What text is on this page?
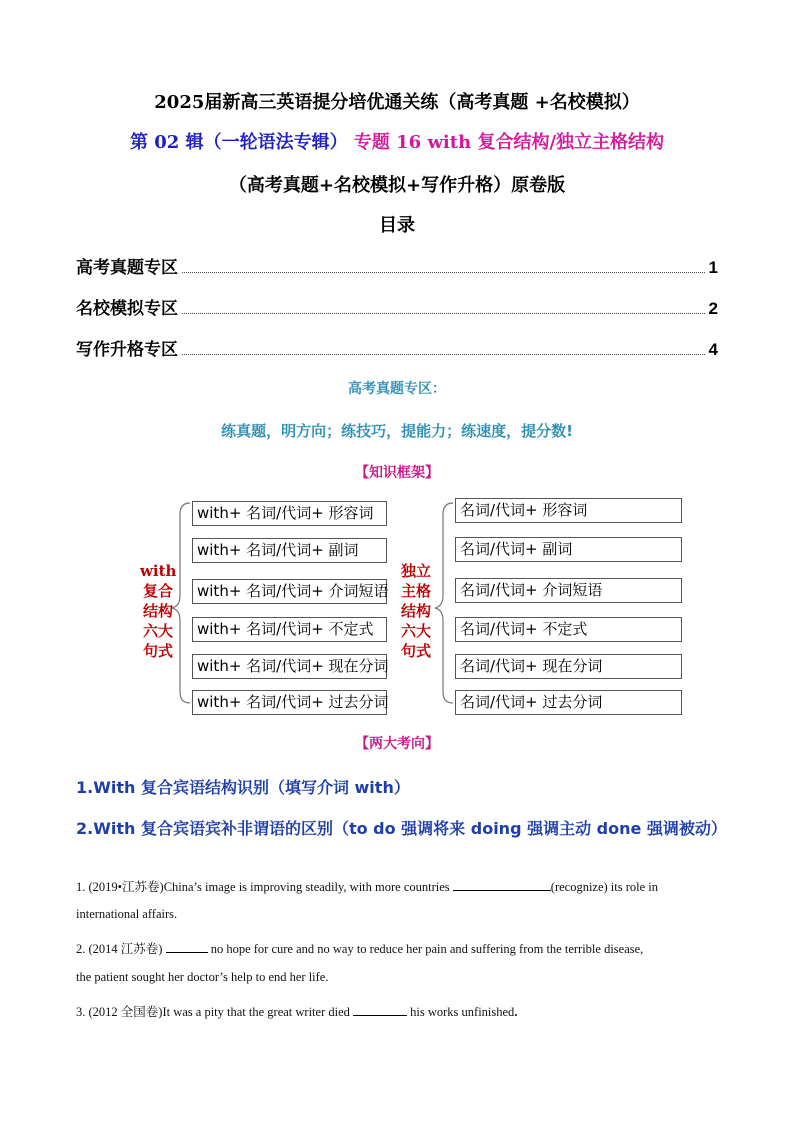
2025届新高三英语提分培优通关练（高考真题 +名校模拟）
第 02 辑（一轮语法专辑） 专题 16 with 复合结构/独立主格结构
（高考真题+名校模拟+写作升格）原卷版
目录
高考真题专区	1
名校模拟专区	2
写作升格专区	4
高考真题专区：
练真题，明方向；练技巧，提能力；练速度，提分数!
【知识框架】
with
复合
结构
六大
句式
独立
主格
结构
六大
句式
with+ 名词/代词+ 形容词
with+ 名词/代词+ 副词
with+ 名词/代词+ 介词短语
with+ 名词/代词+ 不定式
with+ 名词/代词+ 现在分词
with+ 名词/代词+ 过去分词
名词/代词+ 形容词
名词/代词+ 副词
名词/代词+ 介词短语
名词/代词+ 不定式
名词/代词+ 现在分词
名词/代词+ 过去分词
【两大考向】
1.With 复合宾语结构识别（填写介词 with）
2.With 复合宾语宾补非谓语的区别（to do 强调将来 doing 强调主动 done 强调被动）
1. (2019•江苏卷)China’s image is improving steadily, with more countries	(recognize) its role in
international affairs.
2. (2014 江苏卷)	no hope for cure and no way to reduce her pain and suffering from the terrible disease,
the patient sought her doctor’s help to end her life.
3. (2012 全国卷)It was a pity that the great writer died	his works unfinished.
